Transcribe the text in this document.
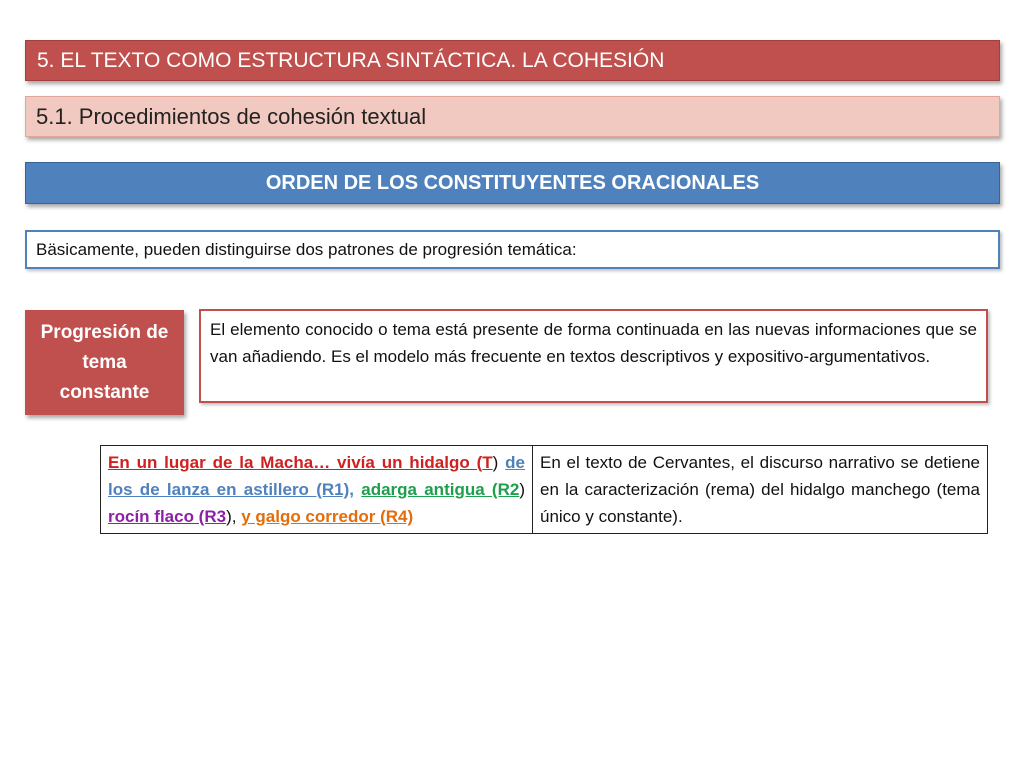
5. EL TEXTO COMO ESTRUCTURA SINTÁCTICA. LA COHESIÓN
5.1. Procedimientos de cohesión textual
ORDEN DE LOS CONSTITUYENTES ORACIONALES
Bäsicamente, pueden distinguirse dos patrones de progresión temática:
Progresión de tema constante
El elemento conocido o tema está presente de forma continuada en las nuevas informaciones que se van añadiendo. Es el modelo más frecuente en textos descriptivos y expositivo-argumentativos.
En un lugar de la Macha… vivía un hidalgo (T) de los de lanza en astillero (R1), adarga antigua (R2) rocín flaco (R3), y galgo corredor (R4)	En el texto de Cervantes, el discurso narrativo se detiene en la caracterización (rema) del hidalgo manchego (tema único y constante).
